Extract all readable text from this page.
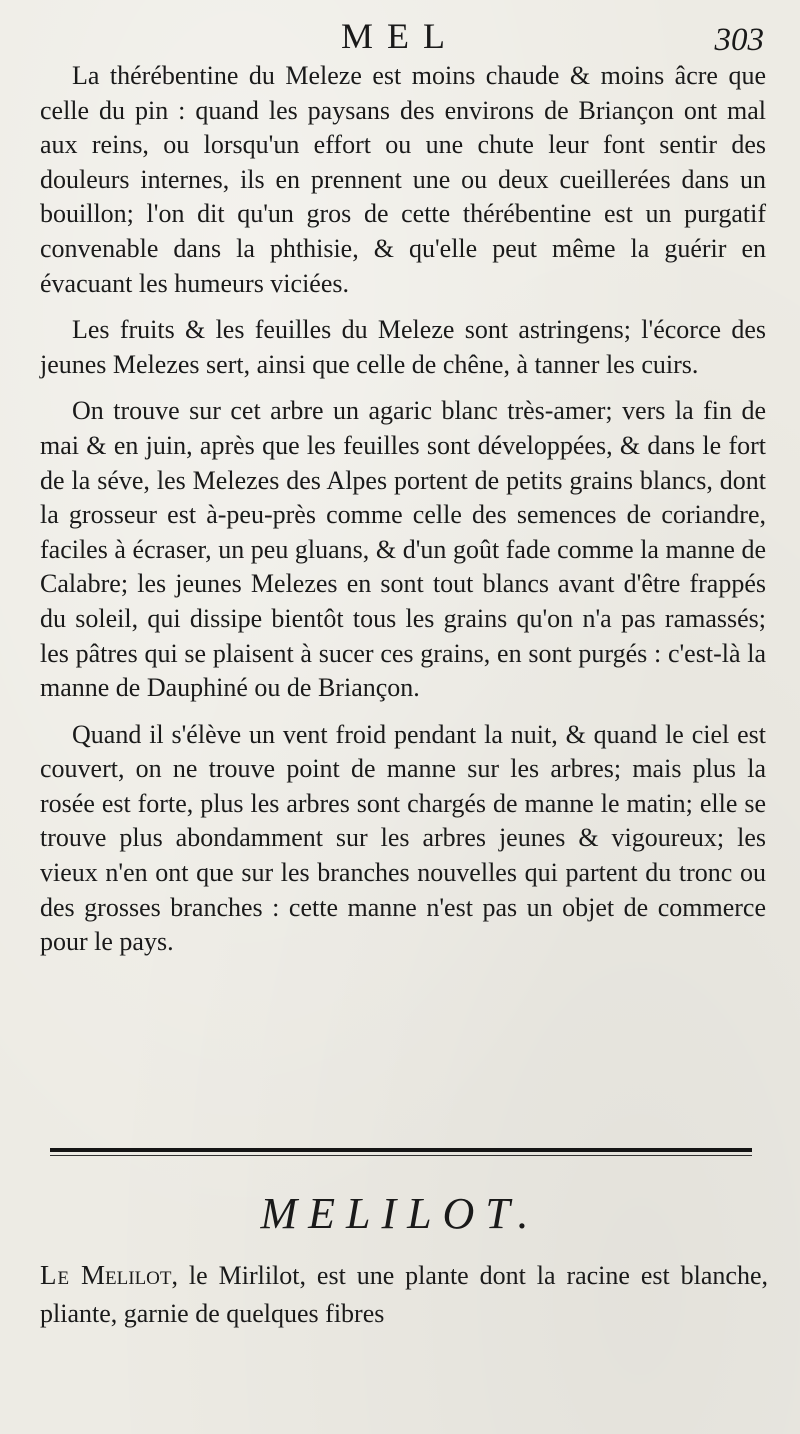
MEL	303

La thérébentine du Meleze est moins chaude & moins âcre que celle du pin : quand les paysans des environs de Briançon ont mal aux reins, ou lorsqu'un effort ou une chute leur font sentir des douleurs internes, ils en prennent une ou deux cueillerées dans un bouillon; l'on dit qu'un gros de cette thérébentine est un purgatif convenable dans la phthisie, & qu'elle peut même la guérir en évacuant les humeurs viciées.

Les fruits & les feuilles du Meleze sont astringens; l'écorce des jeunes Melezes sert, ainsi que celle de chêne, à tanner les cuirs.

On trouve sur cet arbre un agaric blanc très-amer; vers la fin de mai & en juin, après que les feuilles sont développées, & dans le fort de la séve, les Melezes des Alpes portent de petits grains blancs, dont la grosseur est à-peu-près comme celle des semences de coriandre, faciles à écraser, un peu gluans, & d'un goût fade comme la manne de Calabre; les jeunes Melezes en sont tout blancs avant d'être frappés du soleil, qui dissipe bientôt tous les grains qu'on n'a pas ramassés; les pâtres qui se plaisent à sucer ces grains, en sont purgés : c'est-là la manne de Dauphiné ou de Briançon.

Quand il s'élève un vent froid pendant la nuit, & quand le ciel est couvert, on ne trouve point de manne sur les arbres; mais plus la rosée est forte, plus les arbres sont chargés de manne le matin; elle se trouve plus abondamment sur les arbres jeunes & vigoureux; les vieux n'en ont que sur les branches nouvelles qui partent du tronc ou des grosses branches : cette manne n'est pas un objet de commerce pour le pays.

MELILOT.
Le Melilot, le Mirlilot, est une plante dont la racine est blanche, pliante, garnie de quelques fibres
